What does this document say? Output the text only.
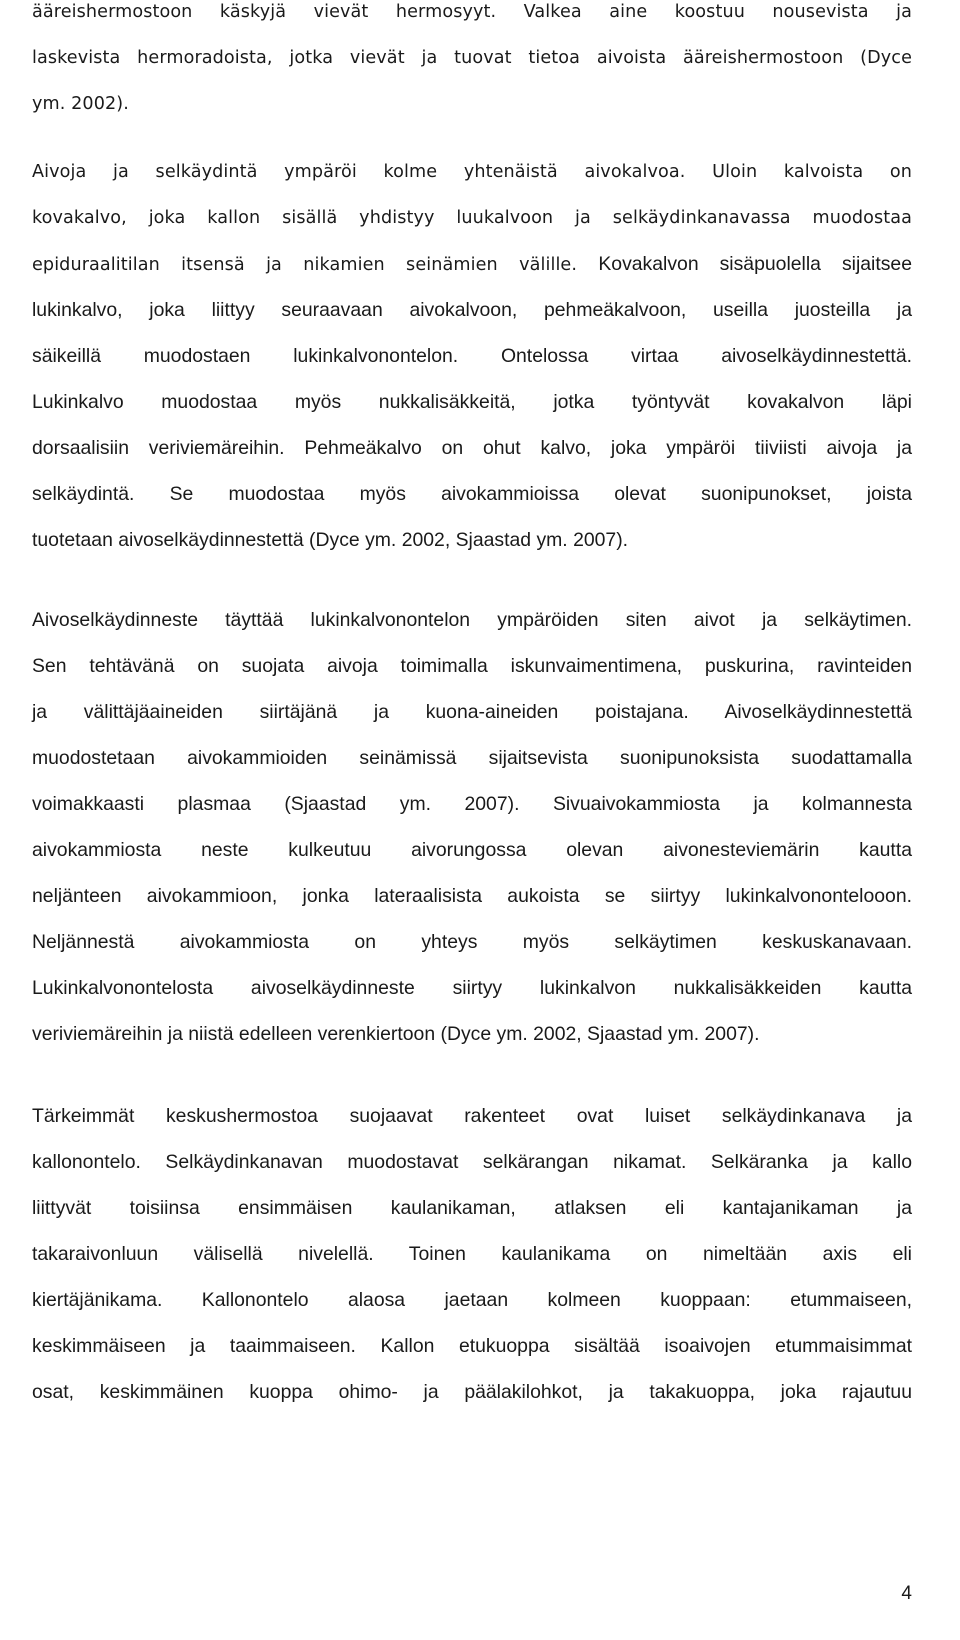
ääreishermostoon käskyjä vievät hermosyyt. Valkea aine koostuu nousevista ja
laskevista hermoradoista, jotka vievät ja tuovat tietoa aivoista ääreishermostoon (Dyce
ym. 2002).
Aivoja ja selkäydintä ympäröi kolme yhtenäistä aivokalvoa. Uloin kalvoista on
kovakalvo, joka kallon sisällä yhdistyy luukalvoon ja selkäydinkanavassa muodostaa
epiduraalitilan itsensä ja nikamien seinämien välille. Kovakalvon sisäpuolella sijaitsee
lukinkalvo, joka liittyy seuraavaan aivokalvoon, pehmeäkalvoon, useilla juosteilla ja
säikeillä muodostaen lukinkalvonontelon. Ontelossa virtaa aivoselkäydinnestettä.
Lukinkalvo muodostaa myös nukkalisäkkeitä, jotka työntyvät kovakalvon läpi
dorsaalisiin veriviemäreihin. Pehmeäkalvo on ohut kalvo, joka ympäröi tiiviisti aivoja ja
selkäydintä. Se muodostaa myös aivokammioissa olevat suonipunokset, joista
tuotetaan aivoselkäydinnestettä (Dyce ym. 2002, Sjaastad ym. 2007).
Aivoselkäydinneste täyttää lukinkalvonontelon ympäröiden siten aivot ja selkäytimen.
Sen tehtävänä on suojata aivoja toimimalla iskunvaimentimena, puskurina, ravinteiden
ja välittäjäaineiden siirtäjänä ja kuona-aineiden poistajana. Aivoselkäydinnestettä
muodostetaan aivokammioiden seinämissä sijaitsevista suonipunoksista suodattamalla
voimakkaasti plasmaa (Sjaastad ym. 2007). Sivuaivokammiosta ja kolmannesta
aivokammiosta neste kulkeutuu aivorungossa olevan aivonesteviemärin kautta
neljänteen aivokammioon, jonka lateraalisista aukoista se siirtyy lukinkalvonontelooon.
Neljännestä aivokammiosta on yhteys myös selkäytimen keskuskanavaan.
Lukinkalvonontelosta aivoselkäydinneste siirtyy lukinkalvon nukkalisäkkeiden kautta
veriviemäreihin ja niistä edelleen verenkiertoon (Dyce ym. 2002, Sjaastad ym. 2007).
Tärkeimmät keskushermostoa suojaavat rakenteet ovat luiset selkäydinkanava ja
kallonontelo. Selkäydinkanavan muodostavat selkärangan nikamat. Selkäranka ja kallo
liittyvät toisiinsa ensimmäisen kaulanikaman, atlaksen eli kantajanikaman ja
takaraivonluun välisellä nivelellä. Toinen kaulanikama on nimeltään axis eli
kiertäjänikama. Kallonontelo alaosa jaetaan kolmeen kuoppaan: etummaiseen,
keskimmäiseen ja taaimmaiseen. Kallon etukuoppa sisältää isoaivojen etummaisimmat
osat, keskimmäinen kuoppa ohimo- ja päälakilohkot, ja takakuoppa, joka rajautuu
4
